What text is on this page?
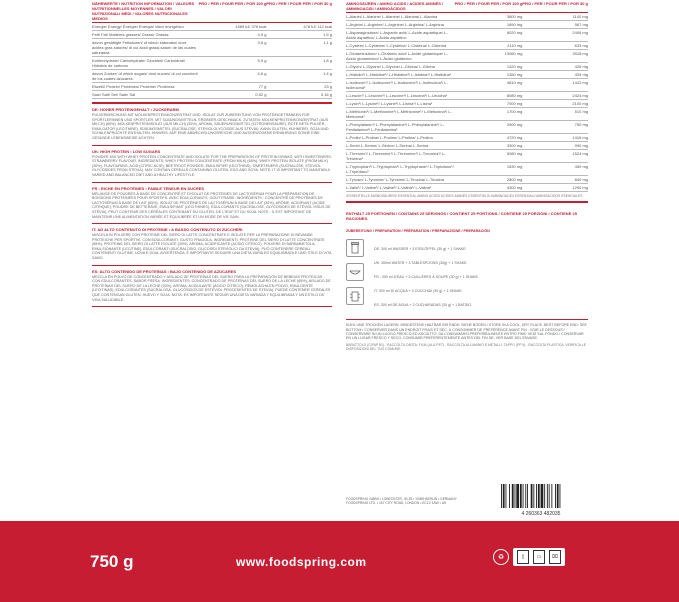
NÄHRWERTE / NUTRITION INFORMATION / VALEURS NUTRITIONNELLES MOYENNES / VALORI NUTRIZIONALI MEDI / VALORES NUTRICIONALES MEDIOS	PRO / PER / POUR PER / POR 100 g	PRO / PER / POUR PER / POR 30 g
Energie/ Energy/ Énergie/ Energia/ Valor energético	1589 kJ/ 376 kcal	476 kJ/ 112 kcal
Fett/ Fat/ Matières grasses/ Grassi/ Grasas	4,9 g	1,5 g
davon gesättigte Fettsäuren/ of which saturates/ dont acides gras saturés/ di cui acidi grassi saturi/ de las cuales saturadas	3,6 g	1,1 g
Kohlenhydrate/ Carbohydrate/ Glucides/ Carboidrati/ Hidratos de carbono	5,9 g	1,8 g
davon Zucker/ of which sugars/ dont sucres/ di cui zuccheri/ de los cuales azúcares	4,6 g	1,4 g
Eiweiß/ Protein/ Protéines/ Proteine/ Proteínas	77 g	23 g
Salz/ Salt/ Sel/ Sale/ Sal	0,52 g	0,16 g
DE: HOHER PROTEINGEHALT • ZUCKERARM

PULVERMISCHUNG MIT MOLKENPROTEINKONZENTRAT UND -ISOLAT ZUR ZUBEREITUNG VON PROTEINGETRÄNKEN FÜR SPORTLERINNEN UND SPORTLER. MIT SÜßUNGSMITTELN. ERDBEER-GESCHMACK. ZUTATEN: MOLKENPROTEINKONZENTRAT (AUS MILCH) (65%), MOLKENPROTEINISOLAT (AUS MILCH) (30%), AROMA, SÄUERUNGSMITTEL (CITRONENSÄURE), ROTE BETE PULVER, EMULGATOR (LECITHINE), SÜßUNGSMITTEL (SUCRALOSE, STEVIOLGLYCOSIDE AUS STEVIA). KANN GLUTEN, HÜHNEREI, SOJA UND SCHALENFRÜCHTE ENTHALTEN. HINWEIS: AUF EINE ABWECHSLUNGSREICHE UND AUSGEWOGENE ERNÄHRUNG SOWIE EINE GESUNDE LEBENSWEISE ACHTEN.

UK: HIGH PROTEIN • LOW SUGARS

POWDER MIX WITH WHEY PROTEIN CONCENTRATE AND ISOLATE FOR THE PREPARATION OF PROTEIN DRINKS. WITH SWEETENERS. STRAWBERRY FLAVOUR. INGREDIENTS: WHEY PROTEIN CONCENTRATE (FROM MILK) (65%), WHEY PROTEIN ISOLATE (FROM MILK) (30%), FLAVOURING, ACID (CITRIC ACID), BEETROOT POWDER, EMULSIFIER (LECITHINS), SWEETENERS (SUCRALOSE, STEVIOL GLYCOSIDES FROM STEVIA). MAY CONTAIN CEREALS CONTAINING GLUTEN, EGG AND SOYA. NOTE: IT IS IMPORTANT TO MAINTAIN A VARIED AND BALANCED DIET AND A HEALTHY LIFESTYLE.

FR : RICHE EN PROTÉINES • FAIBLE TENEUR EN SUCRES

MÉLANGE DE POUDRES À BASE DE CONCENTRÉ ET D'ISOLAT DE PROTÉINES DE LACTOSÉRUM POUR LA PRÉPARATION DE BOISSONS PROTÉINÉES POUR SPORTIFS. AVEC ÉDULCORANTS. GOÛT FRAISE. INGRÉDIENTS : CONCENTRÉ DE PROTÉINES DE LACTOSÉRUM À BASE DE LAIT (65%), ISOLAT DE PROTÉINES DE LACTOSÉRUM À BASE DE LAIT (30%), ARÔME, ACIDIFIANT (ACIDE CITRIQUE), POUDRE DE BETTERAVE, ÉMULSIFIANT (LÉCITHINES), ÉDULCORANTS (SUCRALOSE, GLYCOSIDES DE STÉVIOL ISSUS DE STÉVIA). PEUT CONTENIR DES CÉRÉALES CONTENANT DU GLUTEN, DE L'ŒUF ET DU SOJA. NOTE : IL EST IMPORTANT DE MAINTENIR UNE ALIMENTATION VARIÉE ET ÉQUILIBRÉE ET UN MODE DE VIE SAIN.

IT: AD ALTO CONTENUTO DI PROTEINE • A BASSO CONTENUTO DI ZUCCHERI

MISCELA IN POLVERE CON PROTEINE DEL SIERO DI LATTE CONCENTRATE E ISOLATE PER LA PREPARAZIONE DI BEVANDE PROTEICHE PER SPORTIVI. CON EDULCORANTI. GUSTO FRAGOLA. INGREDIENTI: PROTEINE DEL SIERO DI LATTE CONCENTRATE (65%), PROTEINE DEL SIERO DI LATTE ISOLATE (30%), AROMA, ACIDIFICANTE (ACIDO CITRICO), POLVERE DI BARBABIETOLA, EMULSIONANTE (LECITINE), EDULCORANTI (SUCRALOSIO, GLICOSIDI STEVIOLICI DA STEVIA). PUÒ CONTENERE CEREALI CONTENENTI GLUTINE, UOVA E SOIA. AVVERTENZA: È IMPORTANTE SEGUIRE UNA DIETA VARIA ED EQUILIBRATA E UNO STILE DI VITA SANO.

ES: ALTO CONTENIDO DE PROTEÍNAS • BAJO CONTENIDO DE AZÚCARES

MEZCLA EN POLVO DE CONCENTRADO Y AISLADO DE PROTEÍNAS DEL SUERO PARA LA PREPARACIÓN DE BEBIDAS PROTEICAS. CON EDULCORANTES. SABOR FRESA. INGREDIENTES: CONCENTRADO DE PROTEÍNAS DEL SUERO DE LA LECHE (65%), AISLADO DE PROTEÍNAS DEL SUERO DE LA LECHE (30%), AROMA, ACIDULANTE (ÁCIDO CÍTRICO), REMOLACHA EN POLVO, EMULGENTE (LECITINAS), EDULCORANTES (SUCRALOSA, GLUCÓSIDOS DE ESTEVIOL PROCEDENTES DE STEVIA). PUEDE CONTENER CEREALES QUE CONTENGAN GLUTEN, HUEVO Y SOJA. NOTA: ES IMPORTANTE SEGUIR UNA DIETA VARIADA Y EQUILIBRADA Y UN ESTILO DE VIDA SALUDABLE.

AMINOSÄUREN / AMINO ACIDS / ACIDES AMINÉS / AMMINOACIDI / AMINOÁCIDOS	PRO / PER / POUR PER / POR 100 g	PRO / PER / POUR PER / POR 30 g
L-Alanin/ L-Alanine/ L-Alanine/ L-Alanina/ L-Alanina	3800 mg	1140 mg
L-Arginin/ L-Arginine/ L-Arginine/ L-Arginina/ L-Arginina	1890 mg	567 mg
L-Asparaginsäure/ L-Aspartic acid/ L-Acide aspartique/ L-Acido aspartico/ L-Ácido aspártico	8020 mg	2406 mg
L-Cystein/ L-Cysteine/ L-Cystéine/ L-Cisteina/ L-Cisteína	2110 mg	633 mg
L-Glutaminsäure/ L-Glutamic acid/ L-Acide glutamique/ L-Acido glutammico/ L-Ácido glutámico	13060 mg	3918 mg
L-Glycin/ L-Glycine/ L-Glycine/ L-Glicina/ L-Glicina	1420 mg	426 mg
L-Histidin¹/ L-Histidine¹/ L-Histidine¹/ L-Istidina¹/ L-Histidina¹	1350 mg	405 mg
L-Isoleucin¹/ L-Isoleucine¹/ L-Isoleucine¹/ L-Isoleucina¹/ L-Isoleucina¹	4810 mg	1443 mg
L-Leucin¹/ L-Leucine¹/ L-Leucine¹/ L-Leucina¹/ L-Leucina¹	8080 mg	2424 mg
L-Lysin¹/ L-Lysine¹/ L-Lysine¹/ L-Lisina¹/ L-Lisina¹	7000 mg	2100 mg
L-Methionin¹/ L-Methionine¹/ L-Méthionine¹/ L-Metionina¹/ L-Metionina¹	1700 mg	510 mg
L-Phenylalanin¹/ L-Phenylalanine¹/ L-Phénylalanine¹/ L-Fenilalanina¹/ L-Fenilalanina¹	2500 mg	750 mg
L-Prolin/ L-Proline/ L-Proline/ L-Prolina/ L-Prolina	4720 mg	1416 mg
L-Serin/ L-Serine/ L-Sérine/ L-Serina/ L-Serina	3300 mg	990 mg
L-Threonin¹/ L-Threonine¹/ L-Thréonine¹/ L-Treonina¹/ L-Treonina¹	5080 mg	1524 mg
L-Tryptophan¹/ L-Tryptophan¹/ L-Tryptophane¹/ L-Triptofano¹/ L-Triptófano¹	1530 mg	459 mg
L-Tyrosin/ L-Tyrosine/ L-Tyrosine/ L-Tirosina/ L-Tirosina	2800 mg	840 mg
L-Valin¹/ L-Valine¹/ L-Valine¹/ L-Valina¹/ L-Valina¹	4300 mg	1290 mg
¹ESSENTIELLE AMINOSÄUREN/ ESSENTIAL AMINO ACIDS/ ACIDES AMINÉS ESSENTIELS/ AMMINOACIDI ESSENZIALI/ AMINOÁCIDOS ESENCIALES
ENTHÄLT 25 PORTIONEN / CONTAINS 25 SERVINGS / CONTIENT 25 PORTIONS / CONTIENE 25 PORZIONI / CONTIENE 25 RACIONES.
ZUBEREITUNG / PREPARATION / PRÉPARATION / PREPARAZIONE / PREPARACIÓN
DE: 300 ml WASSER + 3 ESSLÖFFEL (30 g) + 1 SHAKE.
UK: 300ml WATER + 3 TABLESPOONS (30g) + 1 SHAKE.
FR : 300 ml D'EAU + 3 CUILLÈRES À SOUPE (30 g) + 1 SHAKE.
IT: 300 ml DI ACQUA + 3 CUCCHIAI (30 g) + 1 SHAKE.
ES: 300 ml DE AGUA + 3 CUCHARADAS (30 g) + 1 BATIDO.
KÜHL UND TROCKEN LAGERN. MINDESTENS HALTBAR BIS ENDE: SIEHE BODEN./ STORE IN A COOL, DRY PLACE. BEST BEFORE END: SEE BOTTOM./ CONSERVER DANS UN ENDROIT FRAIS ET SEC. À CONSOMMER DE PRÉFÉRENCE AVANT FIN : VOIR LE DESSOUS./ CONSERVARE IN UN LUOGO FRESCO ED ASCIUTTO. DA CONSUMARSI PREFERIBILMENTE ENTRO FINE: VEDI SUL FONDO./ CONSERVAR EN UN LUGAR FRESCO Y SECO. CONSUMIR PREFERENTEMENTE ANTES DEL FIN DE: VER BASE DEL ENVASE.
BARATTOLO (C/PAP 81) - RACCOLTA CARTA; FILM (ALU-PET) - RACCOLTA ALLUMINIO E METALLI; TAPPO (PP 5) - RACCOLTA PLASTICA. VERIFICA LE DISPOSIZIONI DEL TUO COMUNE.
FOODSPRING GMBH • LOBECKSTR. 30-35 • 10969 BERLIN • GERMANY
FOODSPRING LTD. • 167 CITY ROAD, LONDON • EC1V 1AW • UK
4 260363 482035
750 g	www.foodspring.com	♻	▯	▭	⌧
